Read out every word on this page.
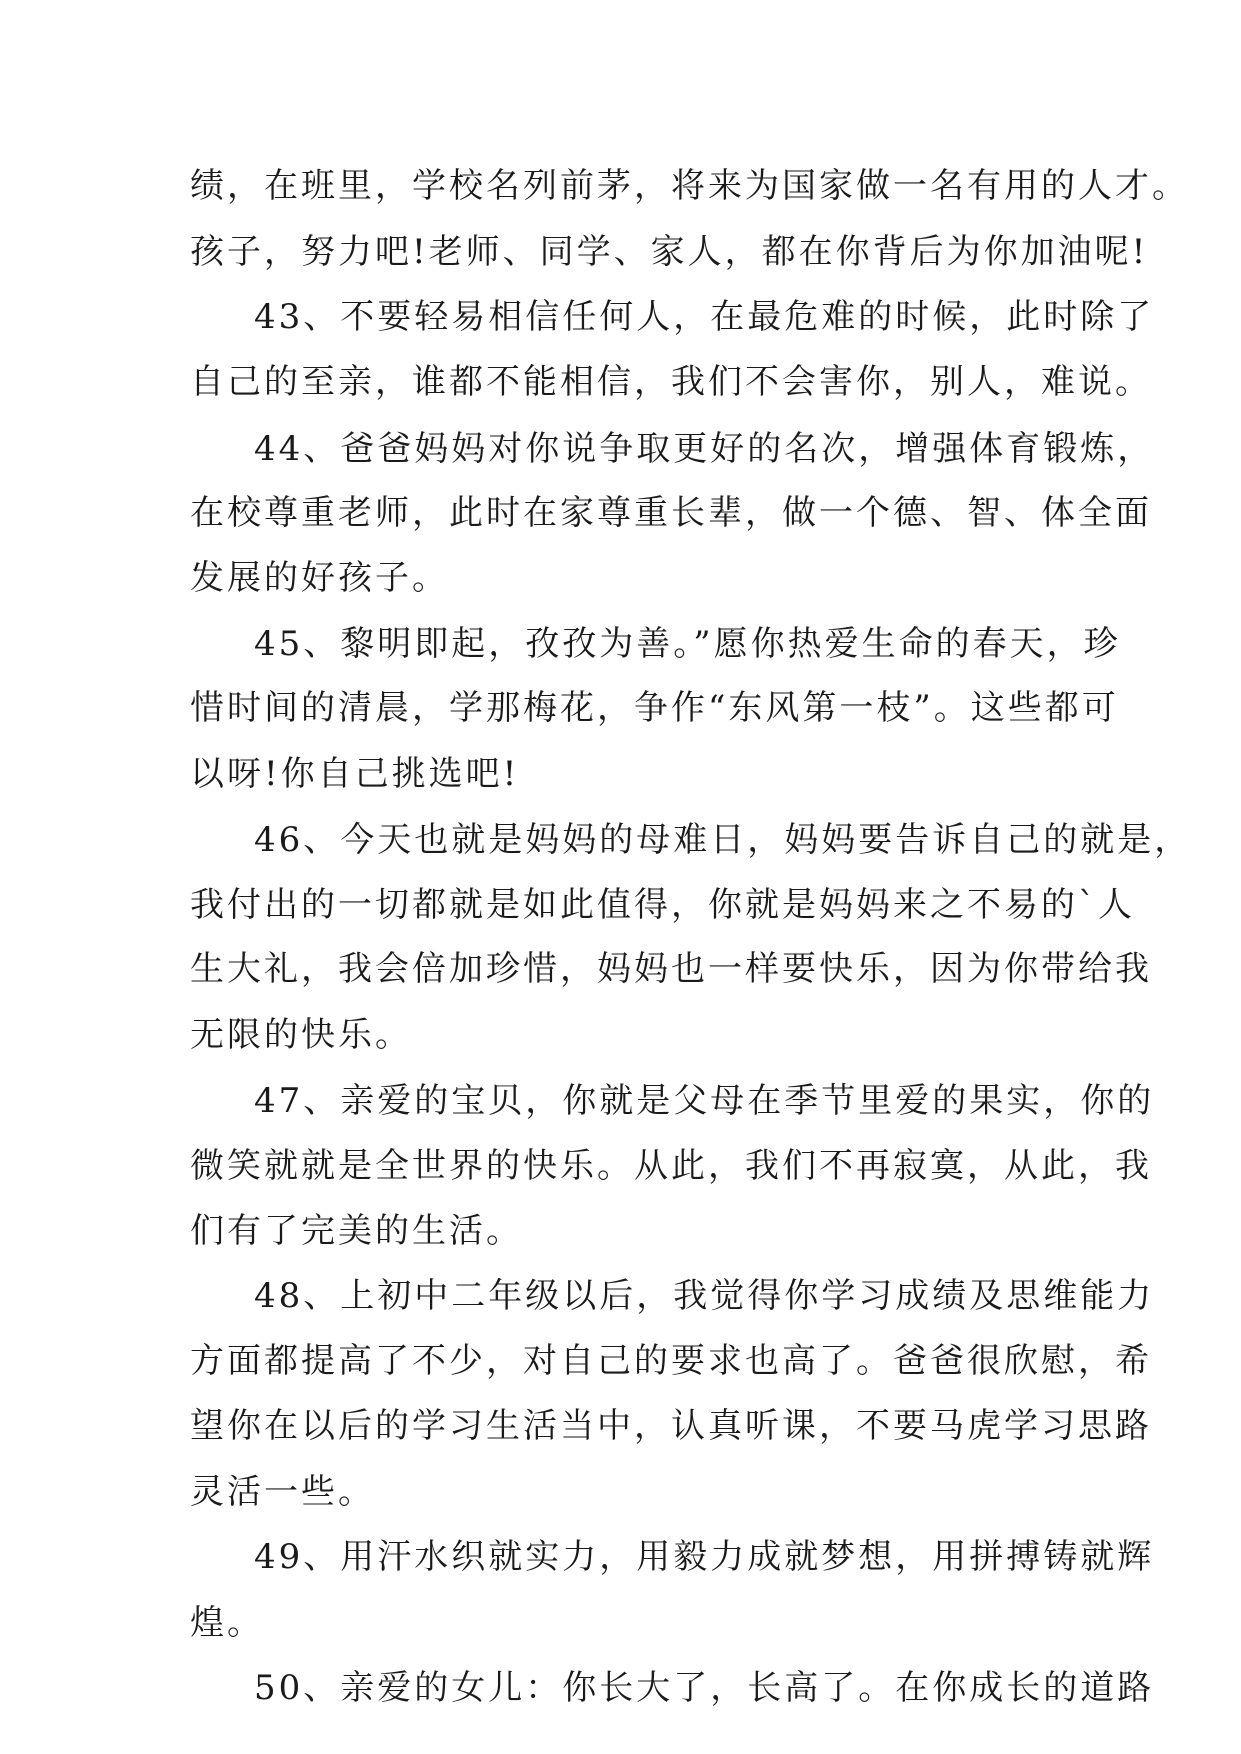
绩，在班里，学校名列前茅，将来为国家做一名有用的人才。
孩子，努力吧!老师、同学、家人，都在你背后为你加油呢!
43、不要轻易相信任何人，在最危难的时候，此时除了
自己的至亲，谁都不能相信，我们不会害你，别人，难说。
44、爸爸妈妈对你说争取更好的名次，增强体育锻炼，
在校尊重老师，此时在家尊重长辈，做一个德、智、体全面
发展的好孩子。
45、黎明即起，孜孜为善。”愿你热爱生命的春天，珍
惜时间的清晨，学那梅花，争作“东风第一枝”。这些都可
以呀!你自己挑选吧!
46、今天也就是妈妈的母难日，妈妈要告诉自己的就是，
我付出的一切都就是如此值得，你就是妈妈来之不易的`人
生大礼，我会倍加珍惜，妈妈也一样要快乐，因为你带给我
无限的快乐。
47、亲爱的宝贝，你就是父母在季节里爱的果实，你的
微笑就就是全世界的快乐。从此，我们不再寂寞，从此，我
们有了完美的生活。
48、上初中二年级以后，我觉得你学习成绩及思维能力
方面都提高了不少，对自己的要求也高了。爸爸很欣慰，希
望你在以后的学习生活当中，认真听课，不要马虎学习思路
灵活一些。
49、用汗水织就实力，用毅力成就梦想，用拼搏铸就辉
煌。
50、亲爱的女儿：你长大了，长高了。在你成长的道路
